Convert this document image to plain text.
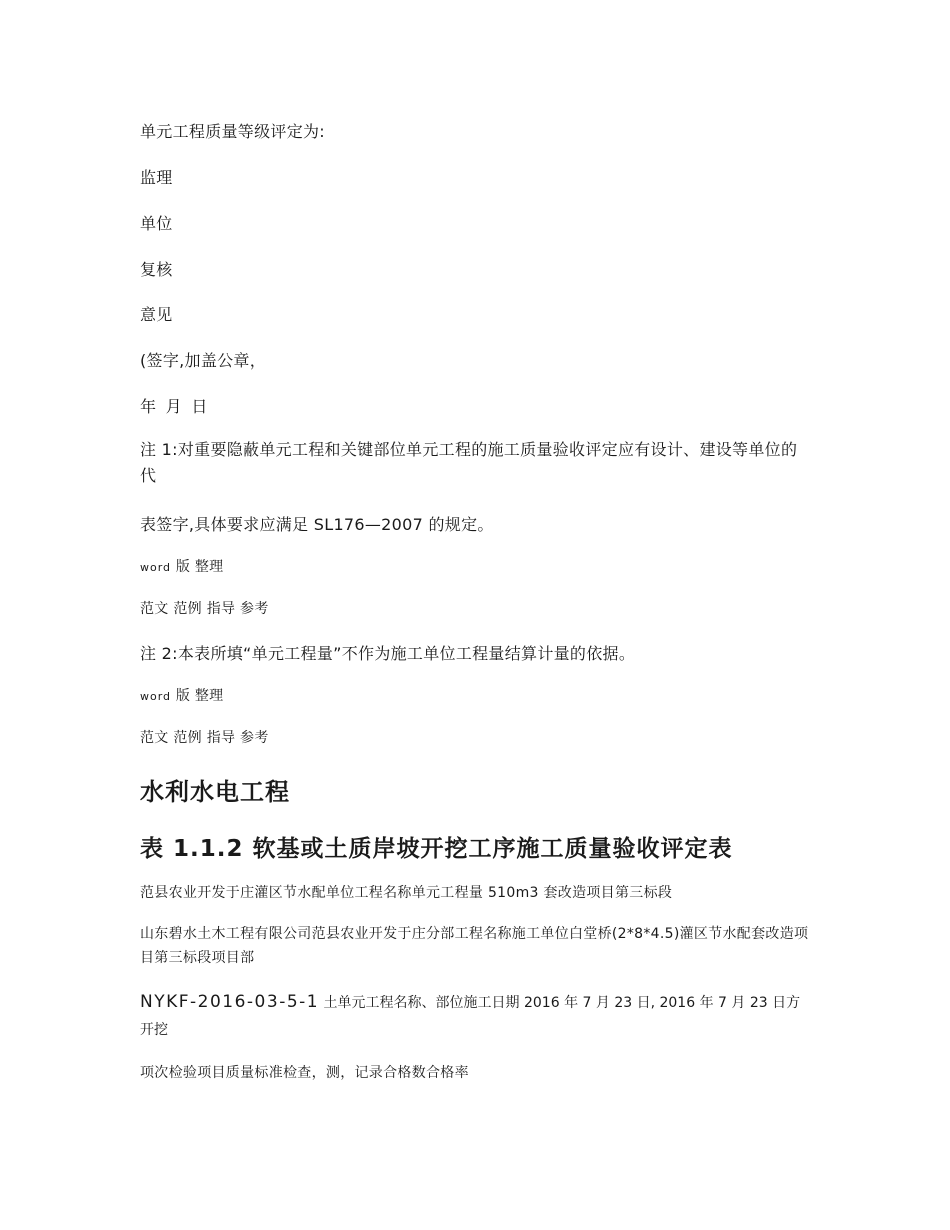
单元工程质量等级评定为:
监理
单位
复核
意见
(签字,加盖公章，
年 月 日
注 1:对重要隐蔽单元工程和关键部位单元工程的施工质量验收评定应有设计、建设等单位的代
表签字,具体要求应满足 SL176—2007 的规定。
word 版 整理
范文 范例 指导 参考
注 2:本表所填“单元工程量”不作为施工单位工程量结算计量的依据。
word 版 整理
范文 范例 指导 参考
水利水电工程
表 1.1.2 软基或土质岸坡开挖工序施工质量验收评定表
范县农业开发于庄灌区节水配单位工程名称单元工程量 510m3 套改造项目第三标段
山东碧水土木工程有限公司范县农业开发于庄分部工程名称施工单位白堂桥(2*8*4.5)灌区节水配套改造项目第三标段项目部
NYKF-2016-03-5-1 土单元工程名称、部位施工日期 2016 年 7 月 23 日, 2016 年 7 月 23 日方开挖
项次检验项目质量标准检查，测，记录合格数合格率
